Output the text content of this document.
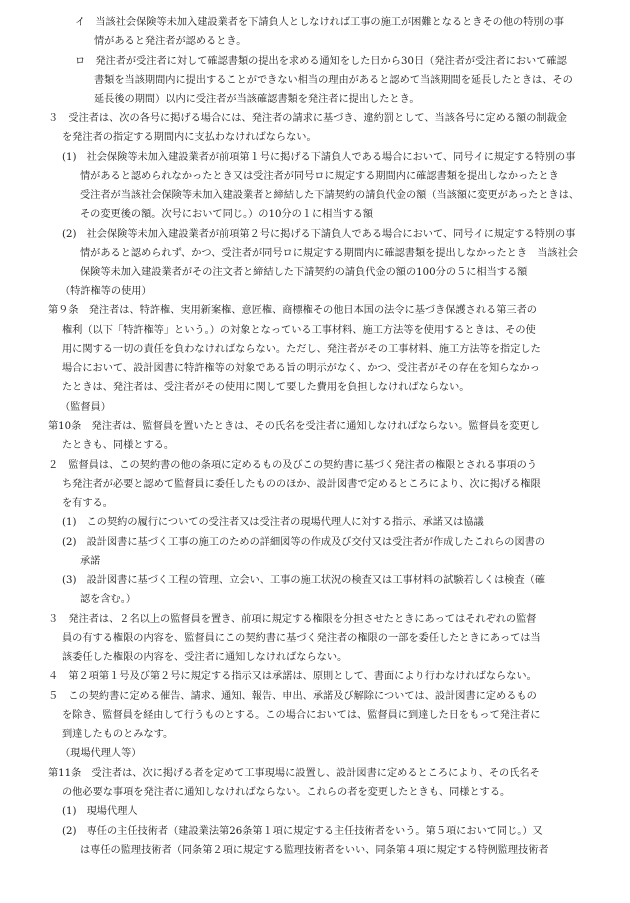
イ　当該社会保険等未加入建設業者を下請負人としなければ工事の施工が困難となるときその他の特別の事
情があると発注者が認めるとき。
ロ　発注者が受注者に対して確認書類の提出を求める通知をした日から30日（発注者が受注者において確認
書類を当該期間内に提出することができない相当の理由があると認めて当該期間を延長したときは、その
延長後の期間）以内に受注者が当該確認書類を発注者に提出したとき。
３　受注者は、次の各号に掲げる場合には、発注者の請求に基づき、違約罰として、当該各号に定める額の制裁金
を発注者の指定する期間内に支払わなければならない。
(1)　社会保険等未加入建設業者が前項第１号に掲げる下請負人である場合において、同号イに規定する特別の事
情があると認められなかったとき又は受注者が同号ロに規定する期間内に確認書類を提出しなかったとき
受注者が当該社会保険等未加入建設業者と締結した下請契約の請負代金の額（当該額に変更があったときは、
その変更後の額。次号において同じ。）の10分の１に相当する額
(2)　社会保険等未加入建設業者が前項第２号に掲げる下請負人である場合において、同号イに規定する特別の事
情があると認められず、かつ、受注者が同号ロに規定する期間内に確認書類を提出しなかったとき　当該社会
保険等未加入建設業者がその注文者と締結した下請契約の請負代金の額の100分の５に相当する額
（特許権等の使用）
第９条　発注者は、特許権、実用新案権、意匠権、商標権その他日本国の法令に基づき保護される第三者の
権利（以下「特許権等」という。）の対象となっている工事材料、施工方法等を使用するときは、その使
用に関する一切の責任を負わなければならない。ただし、発注者がその工事材料、施工方法等を指定した
場合において、設計図書に特許権等の対象である旨の明示がなく、かつ、受注者がその存在を知らなかっ
たときは、発注者は、受注者がその使用に関して要した費用を負担しなければならない。
（監督員）
第10条　発注者は、監督員を置いたときは、その氏名を受注者に通知しなければならない。監督員を変更し
たときも、同様とする。
２　監督員は、この契約書の他の条項に定めるもの及びこの契約書に基づく発注者の権限とされる事項のう
ち発注者が必要と認めて監督員に委任したもののほか、設計図書で定めるところにより、次に掲げる権限
を有する。
(1)　この契約の履行についての受注者又は受注者の現場代理人に対する指示、承諾又は協議
(2)　設計図書に基づく工事の施工のための詳細図等の作成及び交付又は受注者が作成したこれらの図書の
承諾
(3)　設計図書に基づく工程の管理、立会い、工事の施工状況の検査又は工事材料の試験若しくは検査（確
認を含む。）
３　発注者は、２名以上の監督員を置き、前項に規定する権限を分担させたときにあってはそれぞれの監督
員の有する権限の内容を、監督員にこの契約書に基づく発注者の権限の一部を委任したときにあっては当
該委任した権限の内容を、受注者に通知しなければならない。
４　第２項第１号及び第２号に規定する指示又は承諾は、原則として、書面により行わなければならない。
５　この契約書に定める催告、請求、通知、報告、申出、承諾及び解除については、設計図書に定めるもの
を除き、監督員を経由して行うものとする。この場合においては、監督員に到達した日をもって発注者に
到達したものとみなす。
（現場代理人等）
第11条　受注者は、次に掲げる者を定めて工事現場に設置し、設計図書に定めるところにより、その氏名そ
の他必要な事項を発注者に通知しなければならない。これらの者を変更したときも、同様とする。
(1)　現場代理人
(2)　専任の主任技術者（建設業法第26条第１項に規定する主任技術者をいう。第５項において同じ。）又
は専任の監理技術者（同条第２項に規定する監理技術者をいい、同条第４項に規定する特例監理技術者
